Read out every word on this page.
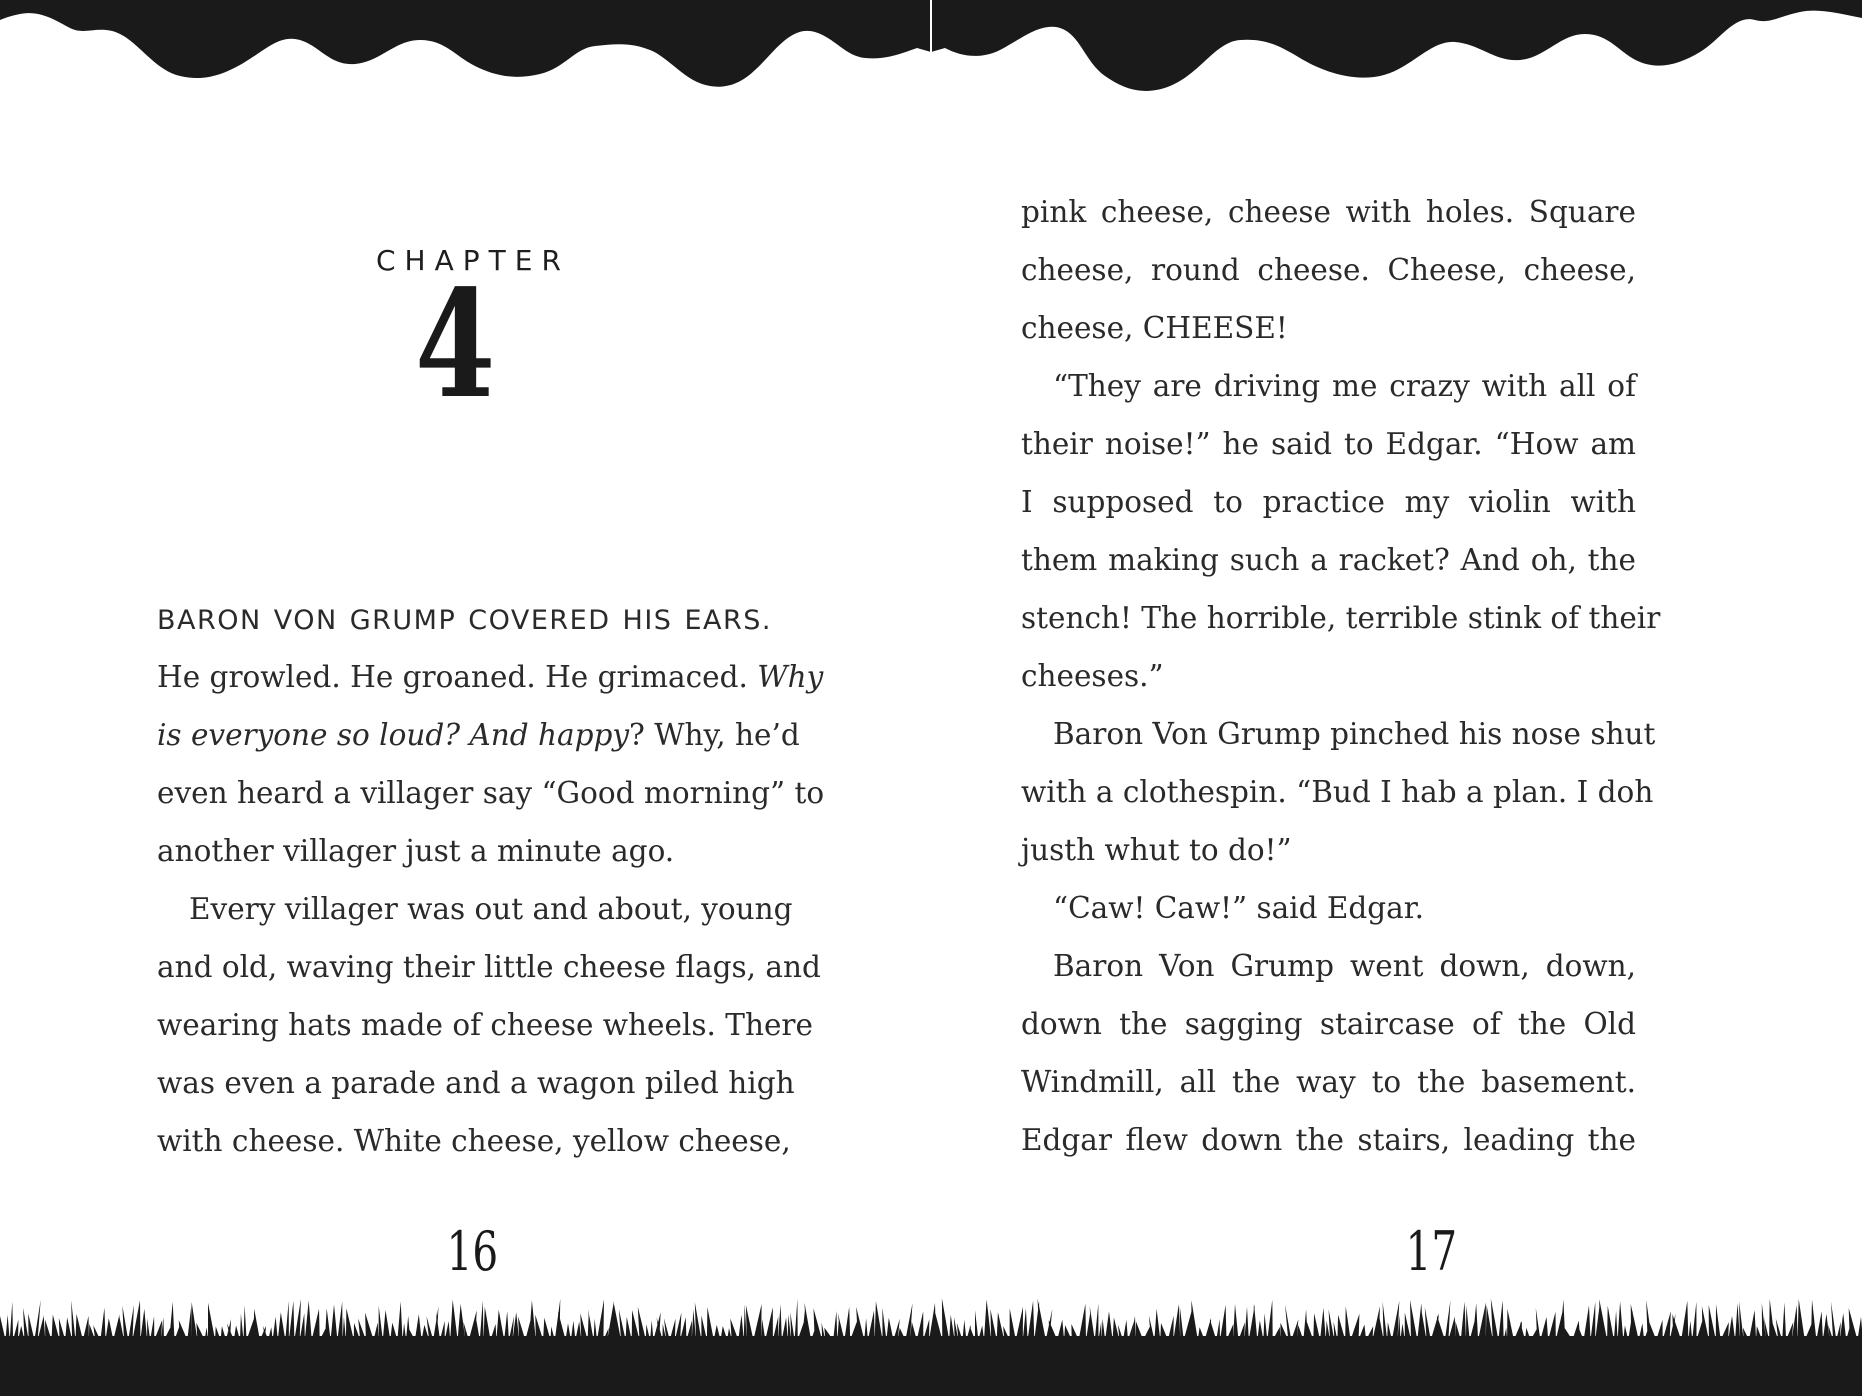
CHAPTER
4
BARON VON GRUMP COVERED HIS EARS.
He growled. He groaned. He grimaced. Why
is everyone so loud? And happy? Why, he’d
even heard a villager say “Good morning” to
another villager just a minute ago.
Every villager was out and about, young
and old, waving their little cheese flags, and
wearing hats made of cheese wheels. There
was even a parade and a wagon piled high
with cheese. White cheese, yellow cheese,
16
pink cheese, cheese with holes. Square
cheese, round cheese. Cheese, cheese,
cheese, CHEESE!
“They are driving me crazy with all of
their noise!” he said to Edgar. “How am
I supposed to practice my violin with
them making such a racket? And oh, the
stench! The horrible, terrible stink of their
cheeses.”
Baron Von Grump pinched his nose shut
with a clothespin. “Bud I hab a plan. I doh
justh whut to do!”
“Caw! Caw!” said Edgar.
Baron Von Grump went down, down,
down the sagging staircase of the Old
Windmill, all the way to the basement.
Edgar flew down the stairs, leading the
17
